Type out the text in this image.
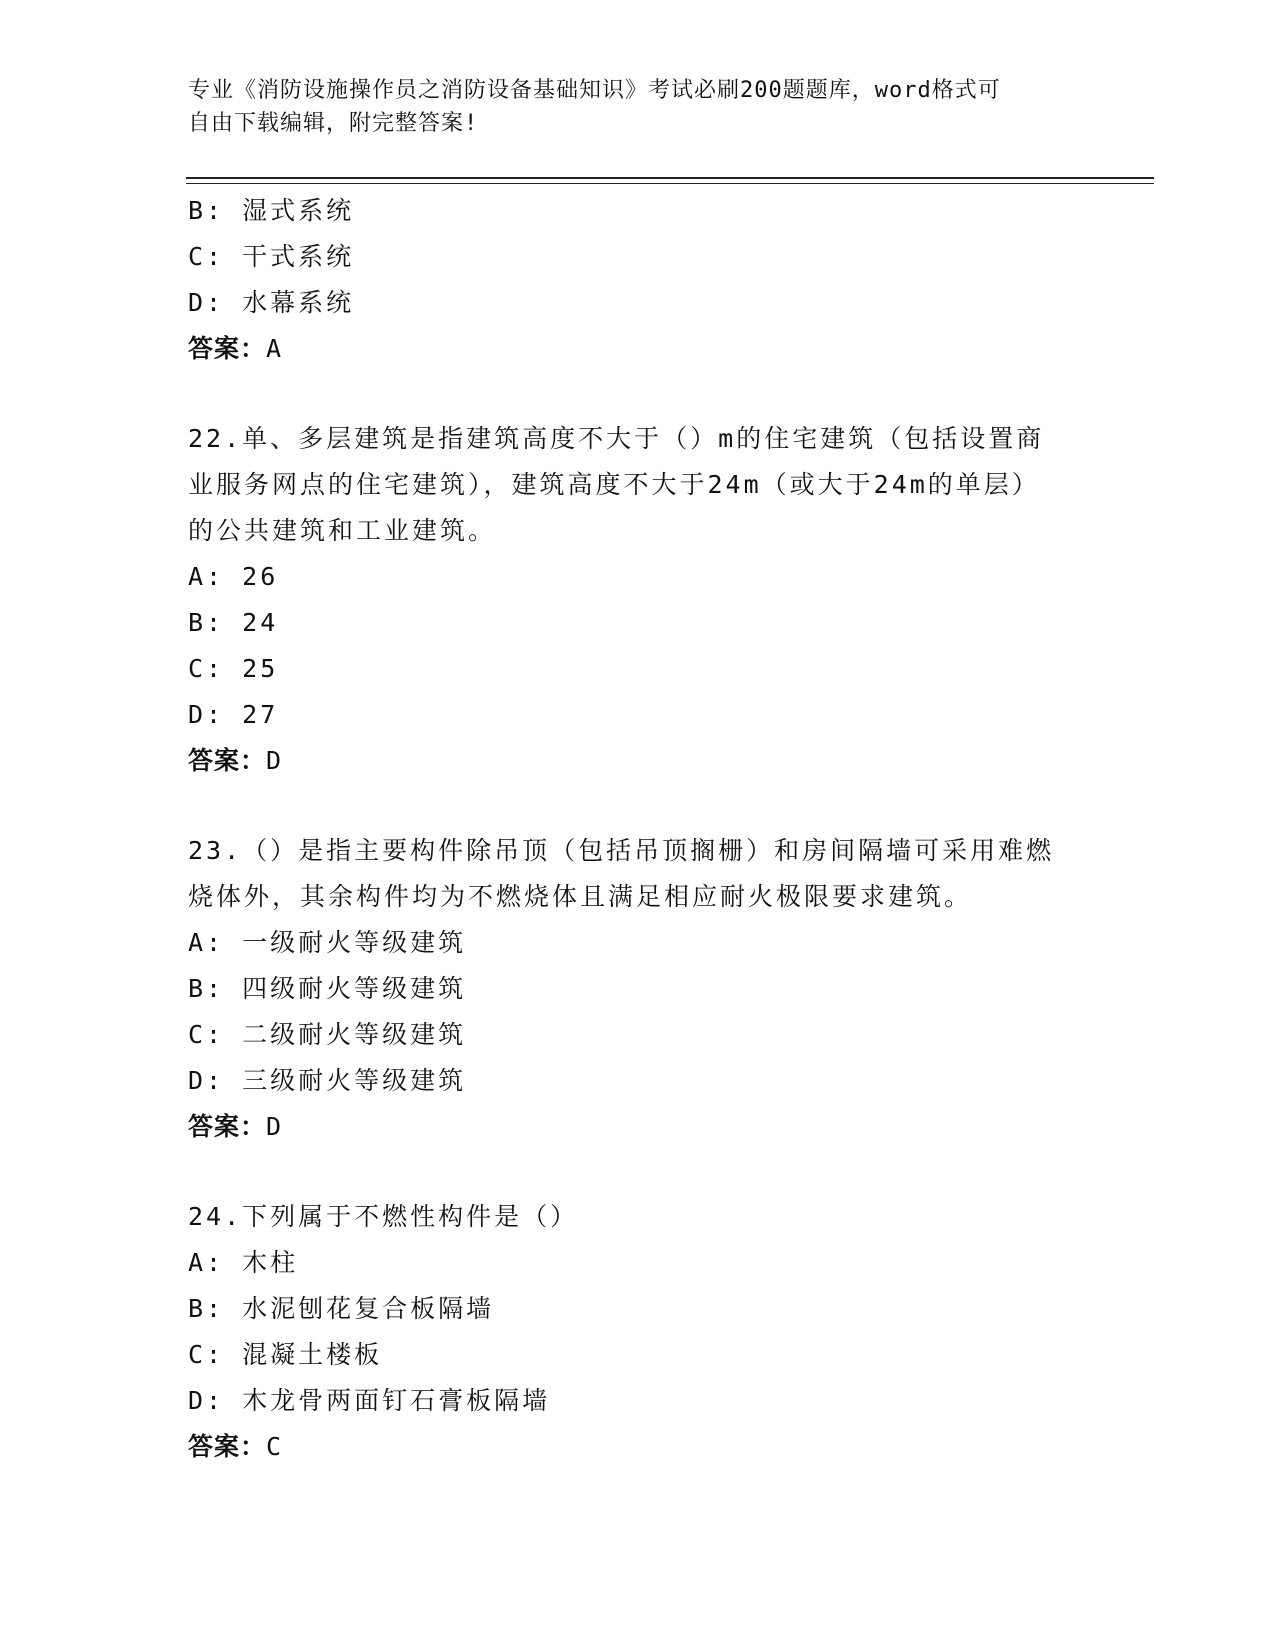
专业《消防设施操作员之消防设备基础知识》考试必刷200题题库，word格式可
自由下载编辑，附完整答案!
B: 湿式系统
C: 干式系统
D: 水幕系统
答案：A
22.单、多层建筑是指建筑高度不大于（）m的住宅建筑（包括设置商
业服务网点的住宅建筑），建筑高度不大于24m（或大于24m的单层）
的公共建筑和工业建筑。
A: 26
B: 24
C: 25
D: 27
答案：D
23.（）是指主要构件除吊顶（包括吊顶搁栅）和房间隔墙可采用难燃
烧体外，其余构件均为不燃烧体且满足相应耐火极限要求建筑。
A: 一级耐火等级建筑
B: 四级耐火等级建筑
C: 二级耐火等级建筑
D: 三级耐火等级建筑
答案：D
24.下列属于不燃性构件是（）
A: 木柱
B: 水泥刨花复合板隔墙
C: 混凝土楼板
D: 木龙骨两面钉石膏板隔墙
答案：C
